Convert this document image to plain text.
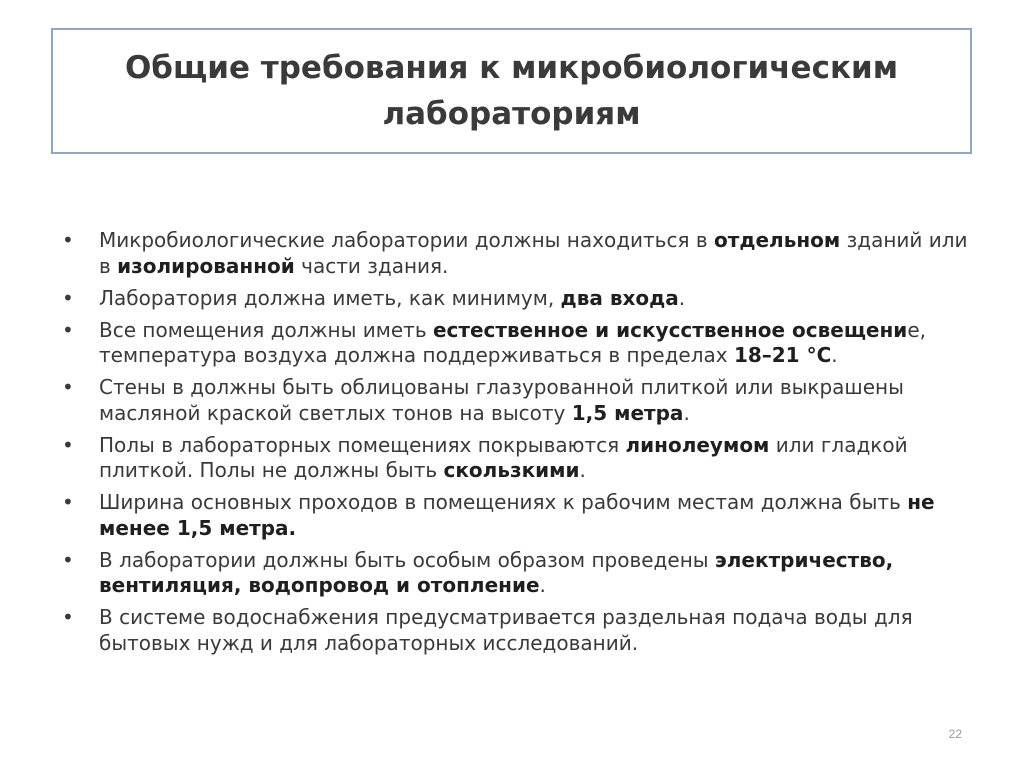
Общие требования к микробиологическим
лабораториям
• Микробиологические лаборатории должны находиться в отдельном зданий или в изолированной части здания.
• Лаборатория должна иметь, как минимум, два входа.
• Все помещения должны иметь естественное и искусственное освещение, температура воздуха должна поддерживаться в пределах 18–21 °С.
• Стены в должны быть облицованы глазурованной плиткой или выкрашены масляной краской светлых тонов на высоту 1,5 метра.
• Полы в лабораторных помещениях покрываются линолеумом или гладкой плиткой. Полы не должны быть скользкими.
• Ширина основных проходов в помещениях к рабочим местам должна быть не менее 1,5 метра.
• В лаборатории должны быть особым образом проведены электричество, вентиляция, водопровод и отопление.
• В системе водоснабжения предусматривается раздельная подача воды для бытовых нужд и для лабораторных исследований.
22
